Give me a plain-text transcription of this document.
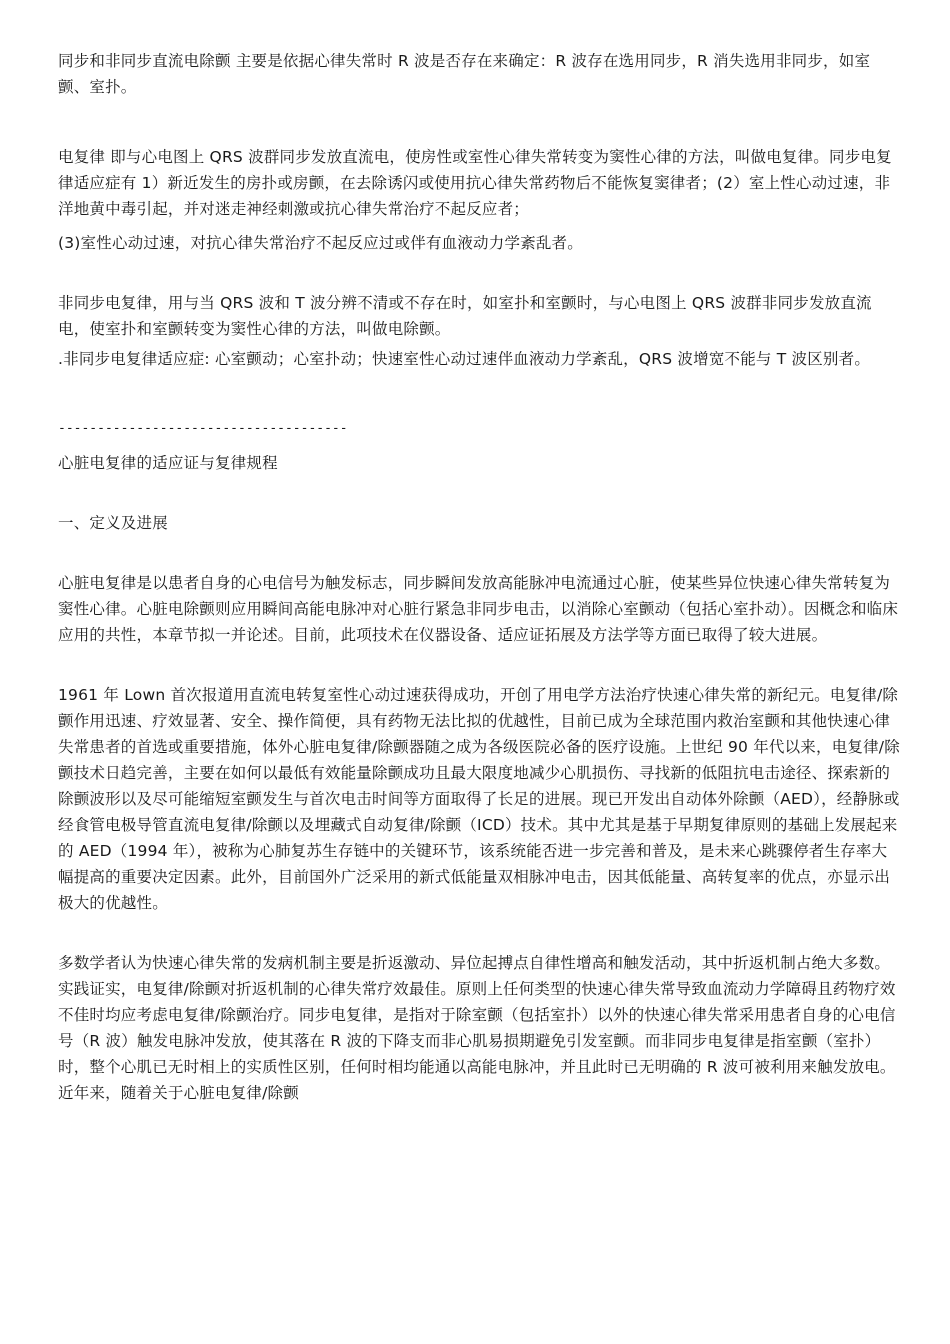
同步和非同步直流电除颤 主要是依据心律失常时 R 波是否存在来确定：R 波存在选用同步，R 消失选用非同步，如室颤、室扑。

电复律 即与心电图上 QRS 波群同步发放直流电，使房性或室性心律失常转变为窦性心律的方法，叫做电复律。同步电复律适应症有 1）新近发生的房扑或房颤，在去除诱闪或使用抗心律失常药物后不能恢复窦律者；(2）室上性心动过速，非洋地黄中毒引起，并对迷走神经刺激或抗心律失常治疗不起反应者；

(3)室性心动过速，对抗心律失常治疗不起反应过或伴有血液动力学紊乱者。

非同步电复律，用与当 QRS 波和 T 波分辨不清或不存在时，如室扑和室颤时，与心电图上 QRS 波群非同步发放直流电，使室扑和室颤转变为窦性心律的方法，叫做电除颤。

.非同步电复律适应症: 心室颤动；心室扑动；快速室性心动过速伴血液动力学紊乱，QRS 波增宽不能与 T 波区别者。

-------------------------------------

心脏电复律的适应证与复律规程

一、定义及进展

心脏电复律是以患者自身的心电信号为触发标志，同步瞬间发放高能脉冲电流通过心脏，使某些异位快速心律失常转复为窦性心律。心脏电除颤则应用瞬间高能电脉冲对心脏行紧急非同步电击，以消除心室颤动（包括心室扑动）。因概念和临床应用的共性，本章节拟一并论述。目前，此项技术在仪器设备、适应证拓展及方法学等方面已取得了较大进展。

1961 年 Lown 首次报道用直流电转复室性心动过速获得成功，开创了用电学方法治疗快速心律失常的新纪元。电复律/除颤作用迅速、疗效显著、安全、操作简便，具有药物无法比拟的优越性，目前已成为全球范围内救治室颤和其他快速心律失常患者的首选或重要措施，体外心脏电复律/除颤器随之成为各级医院必备的医疗设施。上世纪 90 年代以来，电复律/除颤技术日趋完善，主要在如何以最低有效能量除颤成功且最大限度地减少心肌损伤、寻找新的低阻抗电击途径、探索新的除颤波形以及尽可能缩短室颤发生与首次电击时间等方面取得了长足的进展。现已开发出自动体外除颤（AED），经静脉或经食管电极导管直流电复律/除颤以及埋藏式自动复律/除颤（ICD）技术。其中尤其是基于早期复律原则的基础上发展起来的 AED（1994 年），被称为心肺复苏生存链中的关键环节，该系统能否进一步完善和普及，是未来心跳骤停者生存率大幅提高的重要决定因素。此外，目前国外广泛采用的新式低能量双相脉冲电击，因其低能量、高转复率的优点，亦显示出极大的优越性。

多数学者认为快速心律失常的发病机制主要是折返激动、异位起搏点自律性增高和触发活动，其中折返机制占绝大多数。实践证实，电复律/除颤对折返机制的心律失常疗效最佳。原则上任何类型的快速心律失常导致血流动力学障碍且药物疗效不佳时均应考虑电复律/除颤治疗。同步电复律，是指对于除室颤（包括室扑）以外的快速心律失常采用患者自身的心电信号（R 波）触发电脉冲发放，使其落在 R 波的下降支而非心肌易损期避免引发室颤。而非同步电复律是指室颤（室扑）时，整个心肌已无时相上的实质性区别，任何时相均能通以高能电脉冲，并且此时已无明确的 R 波可被利用来触发放电。近年来，随着关于心脏电复律/除颤
